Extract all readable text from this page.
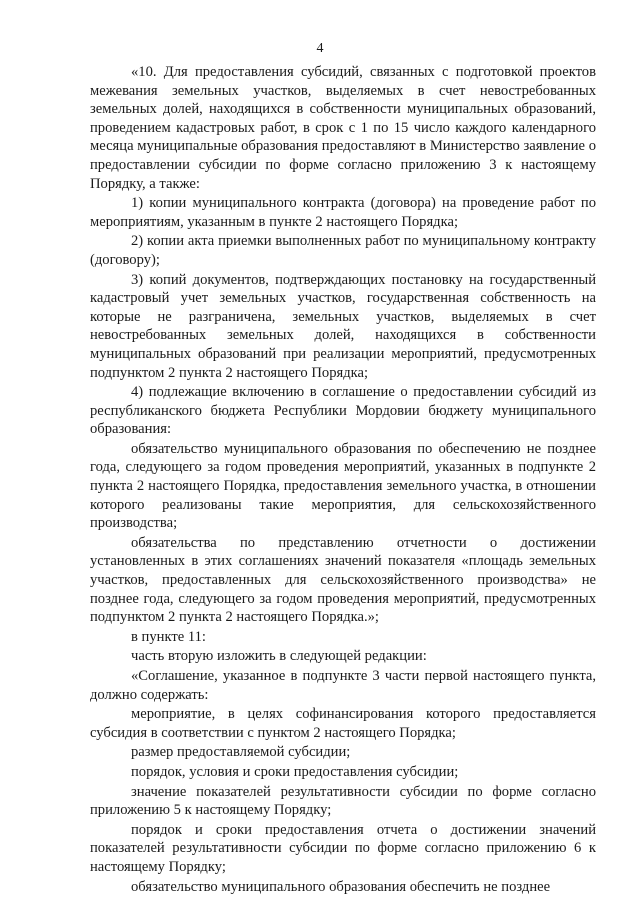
4

«10. Для предоставления субсидий, связанных с подготовкой проектов межевания земельных участков, выделяемых в счет невостребованных земельных долей, находящихся в собственности муниципальных образований, проведением кадастровых работ, в срок с 1 по 15 число каждого календарного месяца муниципальные образования предоставляют в Министерство заявление о предоставлении субсидии по форме согласно приложению 3 к настоящему Порядку, а также:

1) копии муниципального контракта (договора) на проведение работ по мероприятиям, указанным в пункте 2 настоящего Порядка;

2) копии акта приемки выполненных работ по муниципальному контракту (договору);

3) копий документов, подтверждающих постановку на государственный кадастровый учет земельных участков, государственная собственность на которые не разграничена, земельных участков, выделяемых в счет невостребованных земельных долей, находящихся в собственности муниципальных образований при реализации мероприятий, предусмотренных подпунктом 2 пункта 2 настоящего Порядка;

4) подлежащие включению в соглашение о предоставлении субсидий из республиканского бюджета Республики Мордовии бюджету муниципального образования:

обязательство муниципального образования по обеспечению не позднее года, следующего за годом проведения мероприятий, указанных в подпункте 2 пункта 2 настоящего Порядка, предоставления земельного участка, в отношении которого реализованы такие мероприятия, для сельскохозяйственного производства;

обязательства по представлению отчетности о достижении установленных в этих соглашениях значений показателя «площадь земельных участков, предоставленных для сельскохозяйственного производства» не позднее года, следующего за годом проведения мероприятий, предусмотренных подпунктом 2 пункта 2 настоящего Порядка.»;

в пункте 11:

часть вторую изложить в следующей редакции:

«Соглашение, указанное в подпункте 3 части первой настоящего пункта, должно содержать:

мероприятие, в целях софинансирования которого предоставляется субсидия в соответствии с пунктом 2 настоящего Порядка;

размер предоставляемой субсидии;

порядок, условия и сроки предоставления субсидии;

значение показателей результативности субсидии по форме согласно приложению 5 к настоящему Порядку;

порядок и сроки предоставления отчета о достижении значений показателей результативности субсидии по форме согласно приложению 6 к настоящему Порядку;

обязательство муниципального образования обеспечить не позднее
